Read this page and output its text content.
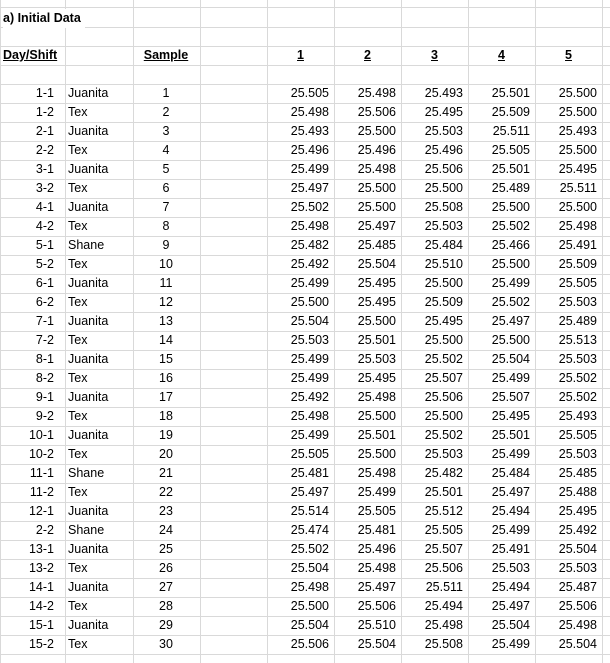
a) Initial Data
Day/Shift	Sample	1	2	3	4	5
1-1 Juanita	1	25.505	25.498	25.493	25.501	25.500
1-2 Tex	2	25.498	25.506	25.495	25.509	25.500
2-1 Juanita	3	25.493	25.500	25.503	25.511	25.493
2-2 Tex	4	25.496	25.496	25.496	25.505	25.500
3-1 Juanita	5	25.499	25.498	25.506	25.501	25.495
3-2 Tex	6	25.497	25.500	25.500	25.489	25.511
4-1 Juanita	7	25.502	25.500	25.508	25.500	25.500
4-2 Tex	8	25.498	25.497	25.503	25.502	25.498
5-1 Shane	9	25.482	25.485	25.484	25.466	25.491
5-2 Tex	10	25.492	25.504	25.510	25.500	25.509
6-1 Juanita	11	25.499	25.495	25.500	25.499	25.505
6-2 Tex	12	25.500	25.495	25.509	25.502	25.503
7-1 Juanita	13	25.504	25.500	25.495	25.497	25.489
7-2 Tex	14	25.503	25.501	25.500	25.500	25.513
8-1 Juanita	15	25.499	25.503	25.502	25.504	25.503
8-2 Tex	16	25.499	25.495	25.507	25.499	25.502
9-1 Juanita	17	25.492	25.498	25.506	25.507	25.502
9-2 Tex	18	25.498	25.500	25.500	25.495	25.493
10-1 Juanita	19	25.499	25.501	25.502	25.501	25.505
10-2 Tex	20	25.505	25.500	25.503	25.499	25.503
11-1 Shane	21	25.481	25.498	25.482	25.484	25.485
11-2 Tex	22	25.497	25.499	25.501	25.497	25.488
12-1 Juanita	23	25.514	25.505	25.512	25.494	25.495
2-2 Shane	24	25.474	25.481	25.505	25.499	25.492
13-1 Juanita	25	25.502	25.496	25.507	25.491	25.504
13-2 Tex	26	25.504	25.498	25.506	25.503	25.503
14-1 Juanita	27	25.498	25.497	25.511	25.494	25.487
14-2 Tex	28	25.500	25.506	25.494	25.497	25.506
15-1 Juanita	29	25.504	25.510	25.498	25.504	25.498
15-2 Tex	30	25.506	25.504	25.508	25.499	25.504
